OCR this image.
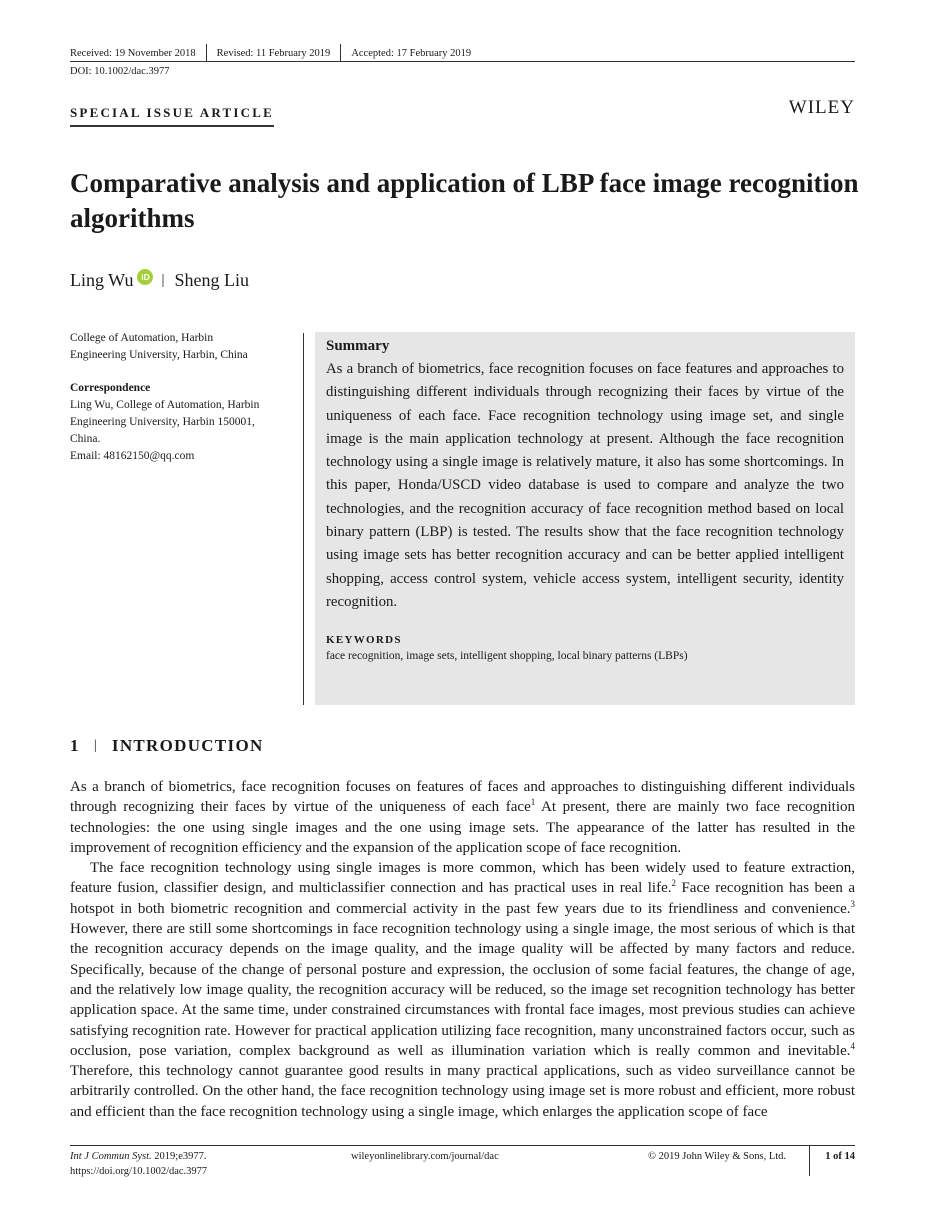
Received: 19 November 2018	Revised: 11 February 2019	Accepted: 17 February 2019
DOI: 10.1002/dac.3977
SPECIAL ISSUE ARTICLE	WILEY
Comparative analysis and application of LBP face image recognition algorithms
Ling Wu iD | Sheng Liu
College of Automation, Harbin
Engineering University, Harbin, China
Correspondence
Ling Wu, College of Automation, Harbin
Engineering University, Harbin 150001,
China.
Email: 48162150@qq.com
Summary

As a branch of biometrics, face recognition focuses on face features and approaches to distinguishing different individuals through recognizing their faces by virtue of the uniqueness of each face. Face recognition technology using image set, and single image is the main application technology at present. Although the face recognition technology using a single image is relatively mature, it also has some shortcomings. In this paper, Honda/USCD video database is used to compare and analyze the two technologies, and the recognition accuracy of face recognition method based on local binary pattern (LBP) is tested. The results show that the face recognition technology using image sets has better recognition accuracy and can be better applied intelligent shopping, access control system, vehicle access system, intelligent security, identity recognition.

KEYWORDS
face recognition, image sets, intelligent shopping, local binary patterns (LBPs)
1 | INTRODUCTION

As a branch of biometrics, face recognition focuses on features of faces and approaches to distinguishing different individuals through recognizing their faces by virtue of the uniqueness of each face$^1$ At present, there are mainly two face recognition technologies: the one using single images and the one using image sets. The appearance of the latter has resulted in the improvement of recognition efficiency and the expansion of the application scope of face recognition.

The face recognition technology using single images is more common, which has been widely used to feature extraction, feature fusion, classifier design, and multiclassifier connection and has practical uses in real life.$^2$ Face recognition has been a hotspot in both biometric recognition and commercial activity in the past few years due to its friendliness and convenience.$^3$ However, there are still some shortcomings in face recognition technology using a single image, the most serious of which is that the recognition accuracy depends on the image quality, and the image quality will be affected by many factors and reduce. Specifically, because of the change of personal posture and expression, the occlusion of some facial features, the change of age, and the relatively low image quality, the recognition accuracy will be reduced, so the image set recognition technology has better application space. At the same time, under constrained circumstances with frontal face images, most previous studies can achieve satisfying recognition rate. However for practical application utilizing face recognition, many unconstrained factors occur, such as occlusion, pose variation, complex background as well as illumination variation which is really common and inevitable.$^4$ Therefore, this technology cannot guarantee good results in many practical applications, such as video surveillance cannot be arbitrarily controlled. On the other hand, the face recognition technology using image set is more robust and efficient, more robust and efficient than the face recognition technology using a single image, which enlarges the application scope of face

Int J Commun Syst. 2019;e3977.
https://doi.org/10.1002/dac.3977
wileyonlinelibrary.com/journal/dac	© 2019 John Wiley & Sons, Ltd.	1 of 14
